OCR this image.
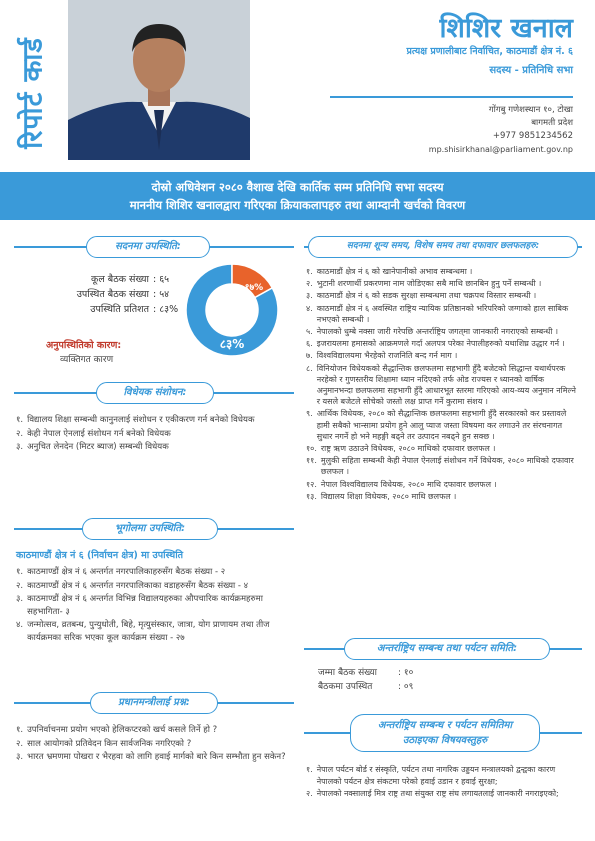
रिपोर्ट कार्ड
शिशिर खनाल
प्रत्यक्ष प्रणालीबाट निर्वाचित, काठमाडौं क्षेत्र नं. ६
सदस्य - प्रतिनिधि सभा
गोंगबु गणेशस्थान १०, टोखा
बागमती प्रदेश
+977 9851234562
mp.shisirkhanal@parliament.gov.np
दोस्रो अधिवेशन २०८० वैशाख देखि कार्तिक सम्म प्रतिनिधि सभा सदस्य
माननीय शिशिर खनालद्वारा गरिएका क्रियाकलापहरु तथा आम्दानी खर्चको विवरण
सदनमा उपस्थिति:
कूल बैठक संख्या : ६५
उपस्थित बैठक संख्या : ५४
उपस्थिति प्रतिशत : ८३%
८३%
१७%
अनुपस्थितिको कारण:
व्यक्तिगत कारण
विधेयक संशोधन:
१. विद्यालय शिक्षा सम्बन्धी कानुनलाई संशोधन र एकीकरण गर्न बनेको विधेयक
२. केही नेपाल ऐनलाई संशोधन गर्न बनेको विधेयक
३. अनुचित लेनदेन (मिटर ब्याज) सम्बन्धी विधेयक
भूगोलमा उपस्थिति:
काठमाण्डौं क्षेत्र नं ६ (निर्वाचन क्षेत्र) मा उपस्थिति
१. काठमाण्डौं क्षेत्र नं ६ अन्तर्गत नगरपालिकाहरुसँग बैठक संख्या - २
२. काठमाण्डौं क्षेत्र नं ६ अन्तर्गत नगरपालिकाका वडाहरुसँग बैठक संख्या - ४
३. काठमाण्डौं क्षेत्र नं ६ अन्तर्गत विभिन्न विद्यालयहरुका औपचारिक कार्यक्रमहरुमा सहभागिता- ३
४. जन्मोत्सव, व्रतबन्ध, पुन्युधोती, बिहे, मृत्युसंस्कार, जात्रा, योग प्राणायम तथा तीज कार्यक्रमका सरिक भएका कूल कार्यक्रम संख्या - २७
प्रधानमन्त्रीलाई प्रश्न:
१. उपनिर्वाचनमा प्रयोग भएको हेलिकप्टरको खर्च कसले तिर्ने हो ?
२. साल आयोगको प्रतिवेदन किन सार्वजनिक नगरिएको ?
३. भारत भ्रमणमा पोखरा र भैरहवा को लागि हवाई मार्गको बारे किन सम्भौता हुन सकेन?
सदनमा शून्य समय, विशेष समय तथा दफावार छलफलहरु:
१. काठमाडौं क्षेत्र नं ६ को खानेपानीको अभाव सम्बन्धमा ।
२. भुटानी शरणार्थी प्रकरणमा नाम जोडिएका सबै माथि छानबिन हुनु पर्ने सम्बन्धी ।
३. काठमाडौं क्षेत्र नं ६ को सडक सुरक्षा सम्बन्धमा तथा चक्रपथ विस्तार सम्बन्धी ।
४. काठमाडौं क्षेत्र नं ६ अवस्थित राष्ट्रिय न्यायिक प्रतिष्ठानको भरिपरिको जग्गाको हाल साबिक नभएको सम्बन्धी ।
५. नेपालको धुम्बे नक्सा जारी गरेपछि अन्तर्राष्ट्रिय जगत्‌मा जानकारी नगराएको सम्बन्धी ।
६. इजरायलमा हमासको आक्रमणले गर्दा अलपत्र परेका नेपालीहरुको यथाशिघ्र उद्धार गर्न ।
७. विश्वविद्यालयमा भैरहेको राजनिति बन्द गर्न माग ।
८. विनियोजन विधेयकको सैद्धान्तिक छलफलमा सहभागी हुँदै बजेटको सिद्धान्त यथार्थपरक नरहेको र गुणस्तरीय शिक्षामा ध्यान नदिएको तर्फ ओड राज्यस र ध्यानको वार्षिक अनुमानभन्दा छलफलमा सहभागी हुँदै आधारभूत स्तरमा गरिएको आय-व्यय अनुमान नमिल्ने र यसले बजेटले सोचेको जस्तो लक्ष प्राप्त गर्ने कुरामा संशय ।
९. आर्थिक विधेयक, २०८० को सैद्धान्तिक छलफलमा सहभागी हुँदै सरकारको कर प्रस्तावले हामी सबैको भान्सामा प्रयोग हुने आलु प्याज जस्ता विषयमा कर लगाउने तर संरचनागत सुधार नगर्ने हो भने महङ्गी बढ्ने तर उत्पादन नबढ्ने हुन सक्छ ।
१०. राष्ट्र ऋण उठाउने विधेयक, २०८० माथिको दफावार छलफल ।
११. मुलुकी सहिता सम्बन्धी केही नेपाल ऐनलाई संशोधन गर्ने विधेयक, २०८० माथिको दफावार छलफल ।
१२. नेपाल विश्वविद्यालय विधेयक, २०८० माथि दफावार छलफल ।
१३. विद्यालय शिक्षा विधेयक, २०८० माथि छलफल ।
अन्तर्राष्ट्रिय सम्बन्ध तथा पर्यटन समिति:
जम्मा बैठक संख्या	: १०
बैठकमा उपस्थित	: ०९
अन्तर्राष्ट्रिय सम्बन्ध र पर्यटन समितिमा
उठाइएका विषयवस्तुहरु
१. नेपाल पर्यटन बोर्ड र संस्कृति, पर्यटन तथा नागरिक उड्डयन मन्त्रालयको द्वन्द्वका कारण नेपालको पर्यटन क्षेत्र संकटमा परेको हवाई उडान र हवाई सुरक्षा;
२. नेपालको नक्सालाई मित्र राष्ट्र तथा संयुक्त राष्ट्र संघ लगायतलाई जानकारी नगराइएको;
